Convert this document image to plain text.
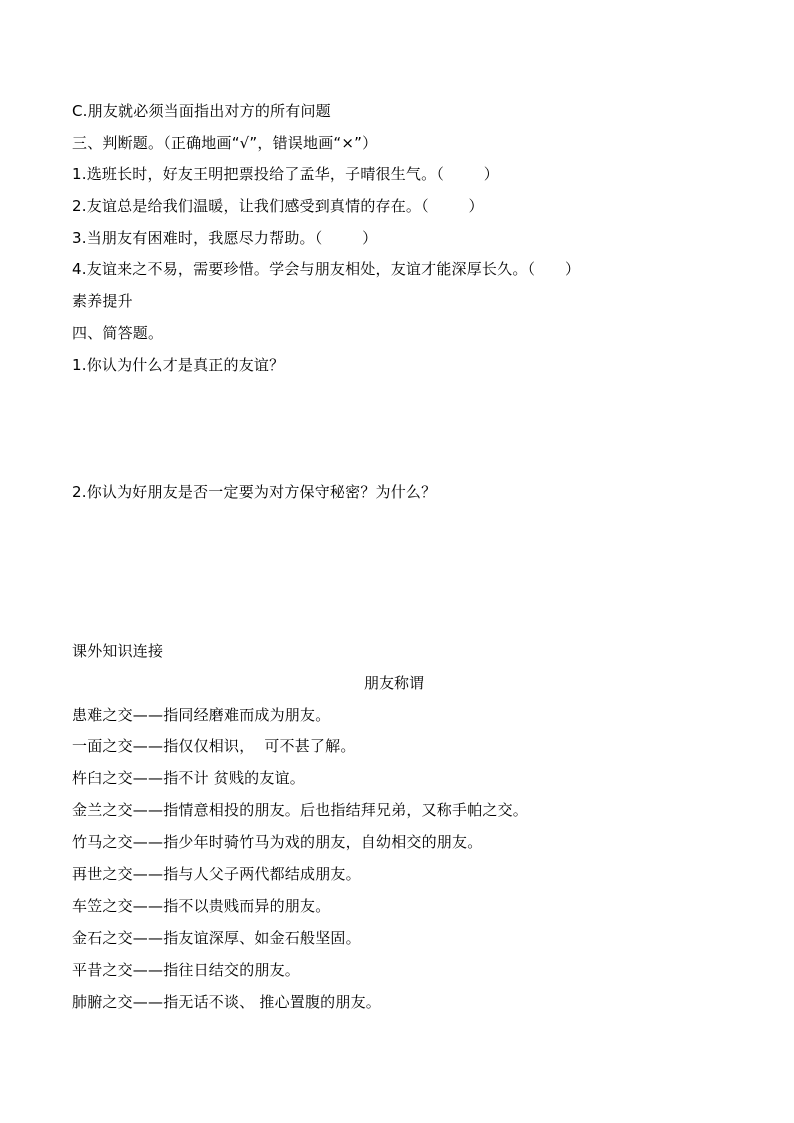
C.朋友就必须当面指出对方的所有问题
三、判断题。（正确地画“√”，错误地画“×”）
1.选班长时，好友王明把票投给了孟华，子晴很生气。（        ）
2.友谊总是给我们温暖，让我们感受到真情的存在。（        ）
3.当朋友有困难时，我愿尽力帮助。（        ）
4.友谊来之不易，需要珍惜。学会与朋友相处，友谊才能深厚长久。（      ）
素养提升
四、简答题。
1.你认为什么才是真正的友谊？
2.你认为好朋友是否一定要为对方保守秘密？为什么？
课外知识连接
朋友称谓
患难之交——指同经磨难而成为朋友。
一面之交——指仅仅相识，  可不甚了解。
杵臼之交——指不计 贫贱的友谊。
金兰之交——指情意相投的朋友。后也指结拜兄弟，又称手帕之交。
竹马之交——指少年时骑竹马为戏的朋友，自幼相交的朋友。
再世之交——指与人父子两代都结成朋友。
车笠之交——指不以贵贱而异的朋友。
金石之交——指友谊深厚、如金石般坚固。
平昔之交——指往日结交的朋友。
肺腑之交——指无话不谈、 推心置腹的朋友。
